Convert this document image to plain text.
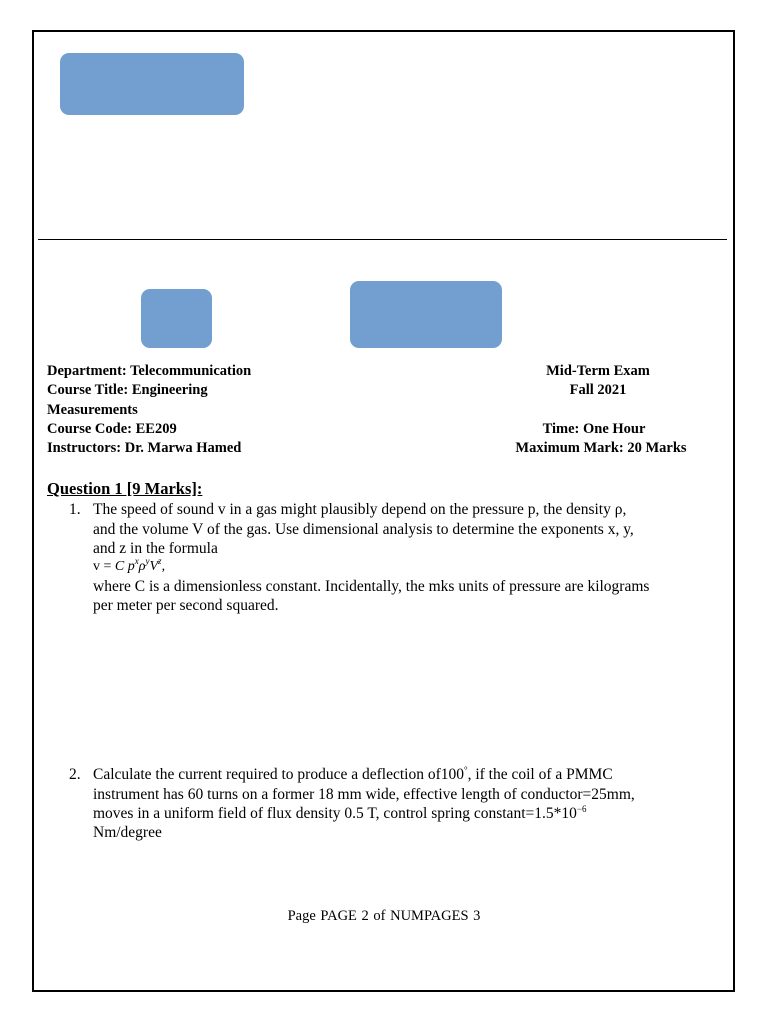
Department: Telecommunication
Course Title: Engineering
Measurements
Course Code: EE209
Instructors: Dr. Marwa Hamed
Mid-Term Exam
Fall 2021
Time: One Hour
Maximum Mark: 20 Marks
Question 1 [9 Marks]:
1. The speed of sound v in a gas might plausibly depend on the pressure p, the density ρ,
and the volume V of the gas. Use dimensional analysis to determine the exponents x, y,
and z in the formula
v = C $p^x\rho^yV^z$,
where C is a dimensionless constant. Incidentally, the mks units of pressure are kilograms
per meter per second squared.
2. Calculate the current required to produce a deflection of100°, if the coil of a PMMC
instrument has 60 turns on a former 18 mm wide, effective length of conductor=25mm,
moves in a uniform field of flux density 0.5 T, control spring $constant=1.5*10^{-6}$
Nm/degree
Page PAGE 2 of NUMPAGES 3
